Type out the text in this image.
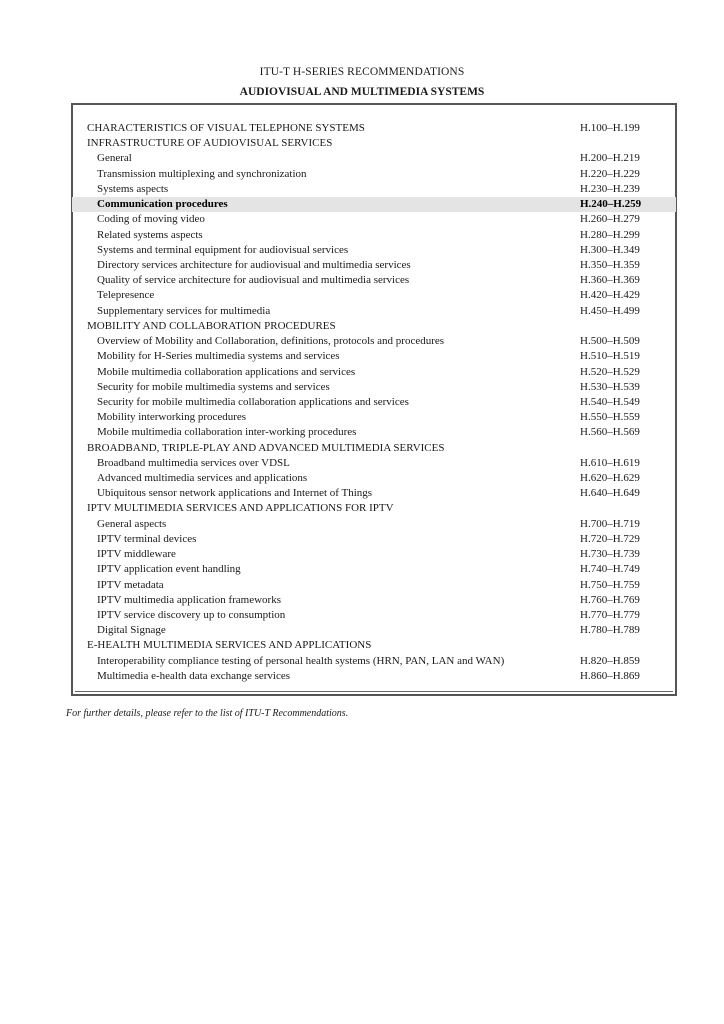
ITU-T H-SERIES RECOMMENDATIONS
AUDIOVISUAL AND MULTIMEDIA SYSTEMS
CHARACTERISTICS OF VISUAL TELEPHONE SYSTEMS	H.100–H.199
INFRASTRUCTURE OF AUDIOVISUAL SERVICES
General	H.200–H.219
Transmission multiplexing and synchronization	H.220–H.229
Systems aspects	H.230–H.239
Communication procedures	H.240–H.259
Coding of moving video	H.260–H.279
Related systems aspects	H.280–H.299
Systems and terminal equipment for audiovisual services	H.300–H.349
Directory services architecture for audiovisual and multimedia services	H.350–H.359
Quality of service architecture for audiovisual and multimedia services	H.360–H.369
Telepresence	H.420–H.429
Supplementary services for multimedia	H.450–H.499
MOBILITY AND COLLABORATION PROCEDURES
Overview of Mobility and Collaboration, definitions, protocols and procedures	H.500–H.509
Mobility for H-Series multimedia systems and services	H.510–H.519
Mobile multimedia collaboration applications and services	H.520–H.529
Security for mobile multimedia systems and services	H.530–H.539
Security for mobile multimedia collaboration applications and services	H.540–H.549
Mobility interworking procedures	H.550–H.559
Mobile multimedia collaboration inter-working procedures	H.560–H.569
BROADBAND, TRIPLE-PLAY AND ADVANCED MULTIMEDIA SERVICES
Broadband multimedia services over VDSL	H.610–H.619
Advanced multimedia services and applications	H.620–H.629
Ubiquitous sensor network applications and Internet of Things	H.640–H.649
IPTV MULTIMEDIA SERVICES AND APPLICATIONS FOR IPTV
General aspects	H.700–H.719
IPTV terminal devices	H.720–H.729
IPTV middleware	H.730–H.739
IPTV application event handling	H.740–H.749
IPTV metadata	H.750–H.759
IPTV multimedia application frameworks	H.760–H.769
IPTV service discovery up to consumption	H.770–H.779
Digital Signage	H.780–H.789
E-HEALTH MULTIMEDIA SERVICES AND APPLICATIONS
Interoperability compliance testing of personal health systems (HRN, PAN, LAN and WAN)	H.820–H.859
Multimedia e-health data exchange services	H.860–H.869
For further details, please refer to the list of ITU-T Recommendations.
